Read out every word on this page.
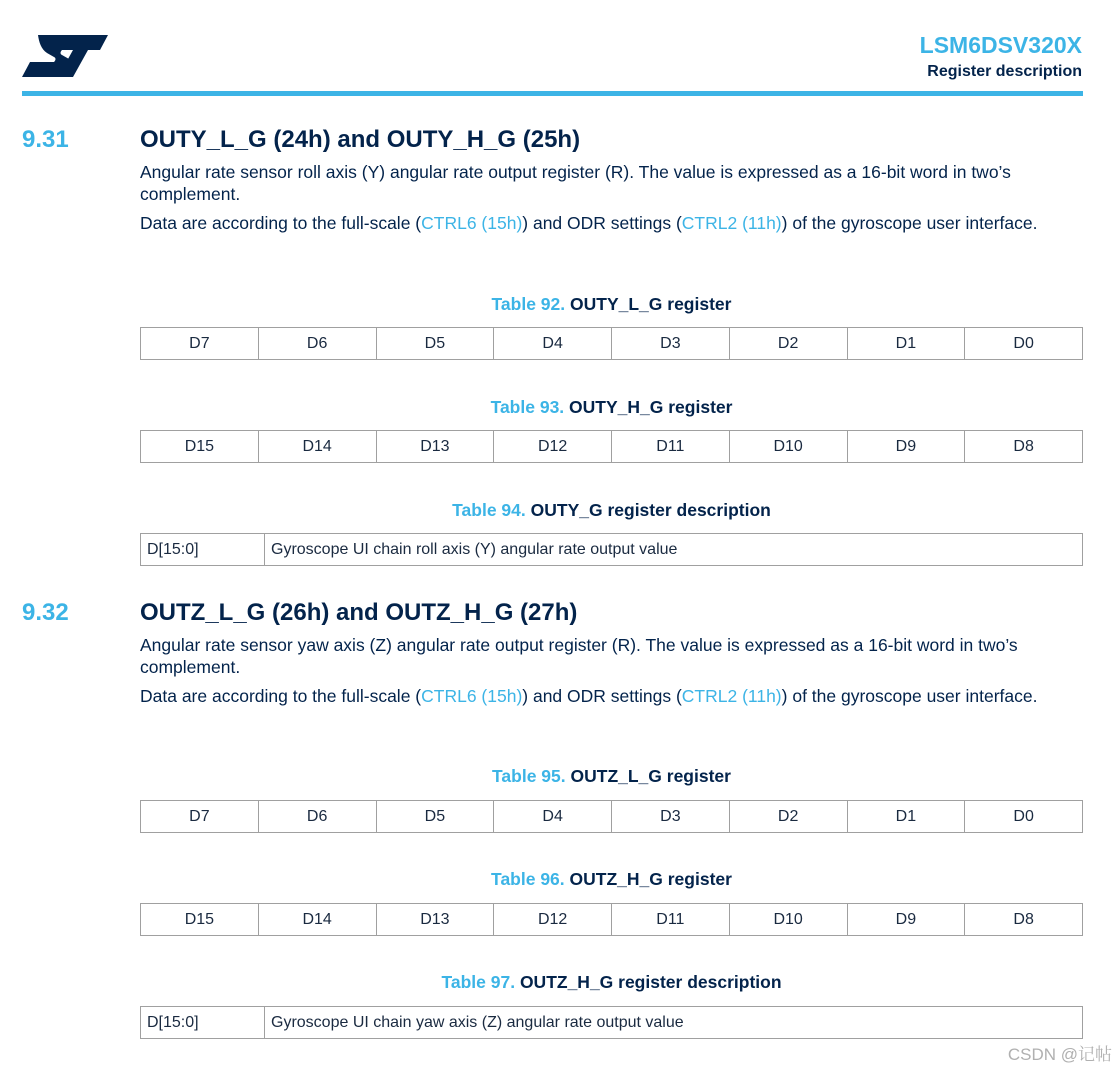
LSM6DSV320X
Register description
9.31	OUTY_L_G (24h) and OUTY_H_G (25h)
Angular rate sensor roll axis (Y) angular rate output register (R). The value is expressed as a 16-bit word in two’s complement.
Data are according to the full-scale (CTRL6 (15h)) and ODR settings (CTRL2 (11h)) of the gyroscope user interface.
Table 92. OUTY_L_G register
D7	D6	D5	D4	D3	D2	D1	D0
Table 93. OUTY_H_G register
D15	D14	D13	D12	D11	D10	D9	D8
Table 94. OUTY_G register description
D[15:0]	Gyroscope UI chain roll axis (Y) angular rate output value
9.32	OUTZ_L_G (26h) and OUTZ_H_G (27h)
Angular rate sensor yaw axis (Z) angular rate output register (R). The value is expressed as a 16-bit word in two’s complement.
Data are according to the full-scale (CTRL6 (15h)) and ODR settings (CTRL2 (11h)) of the gyroscope user interface.
Table 95. OUTZ_L_G register
D7	D6	D5	D4	D3	D2	D1	D0
Table 96. OUTZ_H_G register
D15	D14	D13	D12	D11	D10	D9	D8
Table 97. OUTZ_H_G register description
D[15:0]	Gyroscope UI chain yaw axis (Z) angular rate output value
CSDN @记帖
